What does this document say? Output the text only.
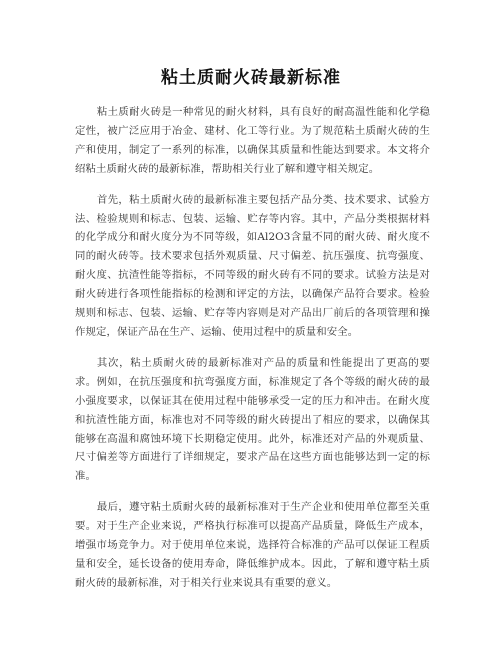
粘土质耐火砖最新标准

粘土质耐火砖是一种常见的耐火材料，具有良好的耐高温性能和化学稳定性，被广泛应用于冶金、建材、化工等行业。为了规范粘土质耐火砖的生产和使用，制定了一系列的标准，以确保其质量和性能达到要求。本文将介绍粘土质耐火砖的最新标准，帮助相关行业了解和遵守相关规定。

首先，粘土质耐火砖的最新标准主要包括产品分类、技术要求、试验方法、检验规则和标志、包装、运输、贮存等内容。其中，产品分类根据材料的化学成分和耐火度分为不同等级，如Al2O3含量不同的耐火砖、耐火度不同的耐火砖等。技术要求包括外观质量、尺寸偏差、抗压强度、抗弯强度、耐火度、抗渣性能等指标，不同等级的耐火砖有不同的要求。试验方法是对耐火砖进行各项性能指标的检测和评定的方法，以确保产品符合要求。检验规则和标志、包装、运输、贮存等内容则是对产品出厂前后的各项管理和操作规定，保证产品在生产、运输、使用过程中的质量和安全。

其次，粘土质耐火砖的最新标准对产品的质量和性能提出了更高的要求。例如，在抗压强度和抗弯强度方面，标准规定了各个等级的耐火砖的最小强度要求，以保证其在使用过程中能够承受一定的压力和冲击。在耐火度和抗渣性能方面，标准也对不同等级的耐火砖提出了相应的要求，以确保其能够在高温和腐蚀环境下长期稳定使用。此外，标准还对产品的外观质量、尺寸偏差等方面进行了详细规定，要求产品在这些方面也能够达到一定的标准。

最后，遵守粘土质耐火砖的最新标准对于生产企业和使用单位都至关重要。对于生产企业来说，严格执行标准可以提高产品质量，降低生产成本，增强市场竞争力。对于使用单位来说，选择符合标准的产品可以保证工程质量和安全，延长设备的使用寿命，降低维护成本。因此，了解和遵守粘土质耐火砖的最新标准，对于相关行业来说具有重要的意义。
